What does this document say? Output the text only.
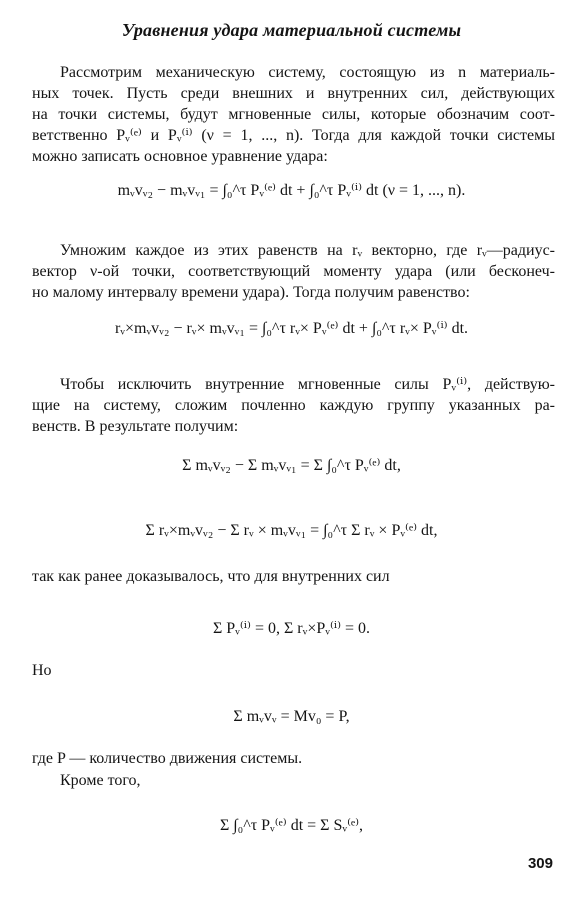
Уравнения удара материальной системы
Рассмотрим механическую систему, состоящую из n материаль-
ных точек. Пусть среди внешних и внутренних сил, действующих
на точки системы, будут мгновенные силы, которые обозначим соот-
ветственно Pᵥ⁽ᵉ⁾ и Pᵥ⁽ⁱ⁾ (ν = 1, ..., n). Тогда для каждой точки системы
можно записать основное уравнение удара:
mᵥvᵥ₂ − mᵥvᵥ₁ = ∫₀^τ Pᵥ⁽ᵉ⁾ dt + ∫₀^τ Pᵥ⁽ⁱ⁾ dt (ν = 1, ..., n).
Умножим каждое из этих равенств на rᵥ векторно, где rᵥ—радиус-
вектор ν-ой точки, соответствующий моменту удара (или бесконеч-
но малому интервалу времени удара). Тогда получим равенство:
rᵥ×mᵥvᵥ₂ − rᵥ× mᵥvᵥ₁ = ∫₀^τ rᵥ× Pᵥ⁽ᵉ⁾ dt + ∫₀^τ rᵥ× Pᵥ⁽ⁱ⁾ dt.
Чтобы исключить внутренние мгновенные силы Pᵥ⁽ⁱ⁾, действую-
щие на систему, сложим почленно каждую группу указанных ра-
венств. В результате получим:
Σ mᵥvᵥ₂ − Σ mᵥvᵥ₁ = Σ ∫₀^τ Pᵥ⁽ᵉ⁾ dt,
Σ rᵥ×mᵥvᵥ₂ − Σ rᵥ × mᵥvᵥ₁ = ∫₀^τ Σ rᵥ × Pᵥ⁽ᵉ⁾ dt,
так как ранее доказывалось, что для внутренних сил
Σ Pᵥ⁽ⁱ⁾ = 0, Σ rᵥ×Pᵥ⁽ⁱ⁾ = 0.
Но
Σ mᵥvᵥ = Mv₀ = P,
где P — количество движения системы.
Кроме того,
Σ ∫₀^τ Pᵥ⁽ᵉ⁾ dt = Σ Sᵥ⁽ᵉ⁾,
309
